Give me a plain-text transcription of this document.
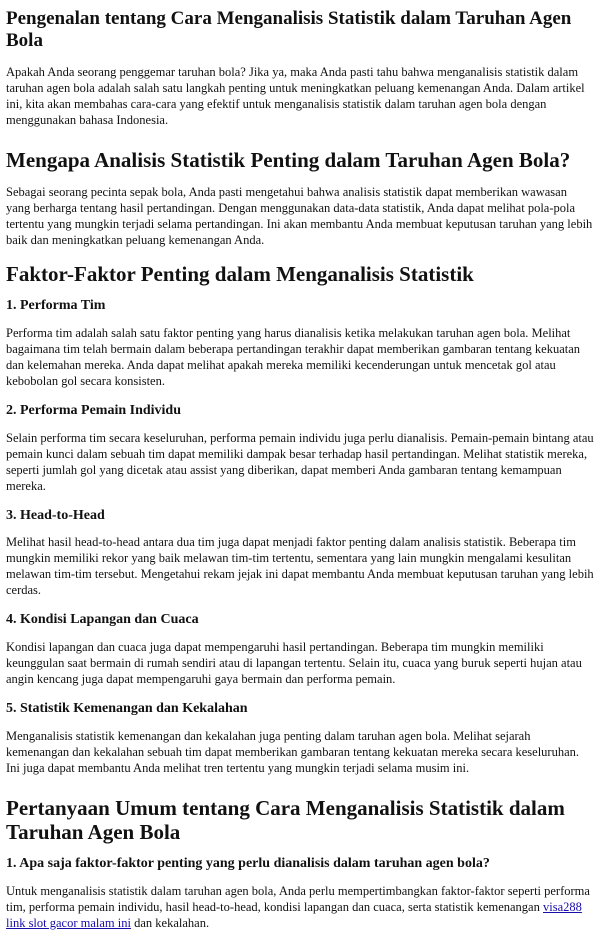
Pengenalan tentang Cara Menganalisis Statistik dalam Taruhan Agen Bola

Apakah Anda seorang penggemar taruhan bola? Jika ya, maka Anda pasti tahu bahwa menganalisis statistik dalam taruhan agen bola adalah salah satu langkah penting untuk meningkatkan peluang kemenangan Anda. Dalam artikel ini, kita akan membahas cara-cara yang efektif untuk menganalisis statistik dalam taruhan agen bola dengan menggunakan bahasa Indonesia.

Mengapa Analisis Statistik Penting dalam Taruhan Agen Bola?

Sebagai seorang pecinta sepak bola, Anda pasti mengetahui bahwa analisis statistik dapat memberikan wawasan yang berharga tentang hasil pertandingan. Dengan menggunakan data-data statistik, Anda dapat melihat pola-pola tertentu yang mungkin terjadi selama pertandingan. Ini akan membantu Anda membuat keputusan taruhan yang lebih baik dan meningkatkan peluang kemenangan Anda.

Faktor-Faktor Penting dalam Menganalisis Statistik
1. Performa Tim

Performa tim adalah salah satu faktor penting yang harus dianalisis ketika melakukan taruhan agen bola. Melihat bagaimana tim telah bermain dalam beberapa pertandingan terakhir dapat memberikan gambaran tentang kekuatan dan kelemahan mereka. Anda dapat melihat apakah mereka memiliki kecenderungan untuk mencetak gol atau kebobolan gol secara konsisten.

2. Performa Pemain Individu

Selain performa tim secara keseluruhan, performa pemain individu juga perlu dianalisis. Pemain-pemain bintang atau pemain kunci dalam sebuah tim dapat memiliki dampak besar terhadap hasil pertandingan. Melihat statistik mereka, seperti jumlah gol yang dicetak atau assist yang diberikan, dapat memberi Anda gambaran tentang kemampuan mereka.

3. Head-to-Head

Melihat hasil head-to-head antara dua tim juga dapat menjadi faktor penting dalam analisis statistik. Beberapa tim mungkin memiliki rekor yang baik melawan tim-tim tertentu, sementara yang lain mungkin mengalami kesulitan melawan tim-tim tersebut. Mengetahui rekam jejak ini dapat membantu Anda membuat keputusan taruhan yang lebih cerdas.

4. Kondisi Lapangan dan Cuaca

Kondisi lapangan dan cuaca juga dapat mempengaruhi hasil pertandingan. Beberapa tim mungkin memiliki keunggulan saat bermain di rumah sendiri atau di lapangan tertentu. Selain itu, cuaca yang buruk seperti hujan atau angin kencang juga dapat mempengaruhi gaya bermain dan performa pemain.

5. Statistik Kemenangan dan Kekalahan

Menganalisis statistik kemenangan dan kekalahan juga penting dalam taruhan agen bola. Melihat sejarah kemenangan dan kekalahan sebuah tim dapat memberikan gambaran tentang kekuatan mereka secara keseluruhan. Ini juga dapat membantu Anda melihat tren tertentu yang mungkin terjadi selama musim ini.

Pertanyaan Umum tentang Cara Menganalisis Statistik dalam Taruhan Agen Bola
1. Apa saja faktor-faktor penting yang perlu dianalisis dalam taruhan agen bola?

Untuk menganalisis statistik dalam taruhan agen bola, Anda perlu mempertimbangkan faktor-faktor seperti performa tim, performa pemain individu, hasil head-to-head, kondisi lapangan dan cuaca, serta statistik kemenangan visa288 link slot gacor malam ini dan kekalahan.
